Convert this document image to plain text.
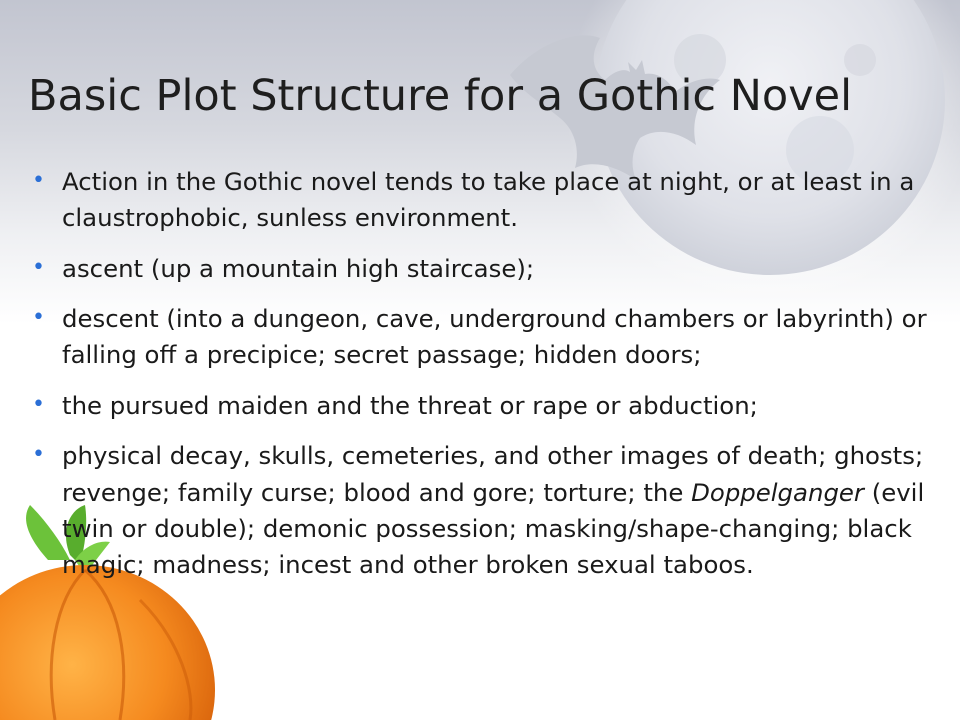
Basic Plot Structure for a Gothic Novel
• Action in the Gothic novel tends to take place at night, or at least in a claustrophobic, sunless environment.
• ascent (up a mountain high staircase);
• descent (into a dungeon, cave, underground chambers or labyrinth) or falling off a precipice; secret passage; hidden doors;
• the pursued maiden and the threat or rape or abduction;
• physical decay, skulls, cemeteries, and other images of death; ghosts; revenge; family curse; blood and gore; torture; the Doppelganger (evil twin or double); demonic possession; masking/shape-changing; black magic; madness; incest and other broken sexual taboos.
